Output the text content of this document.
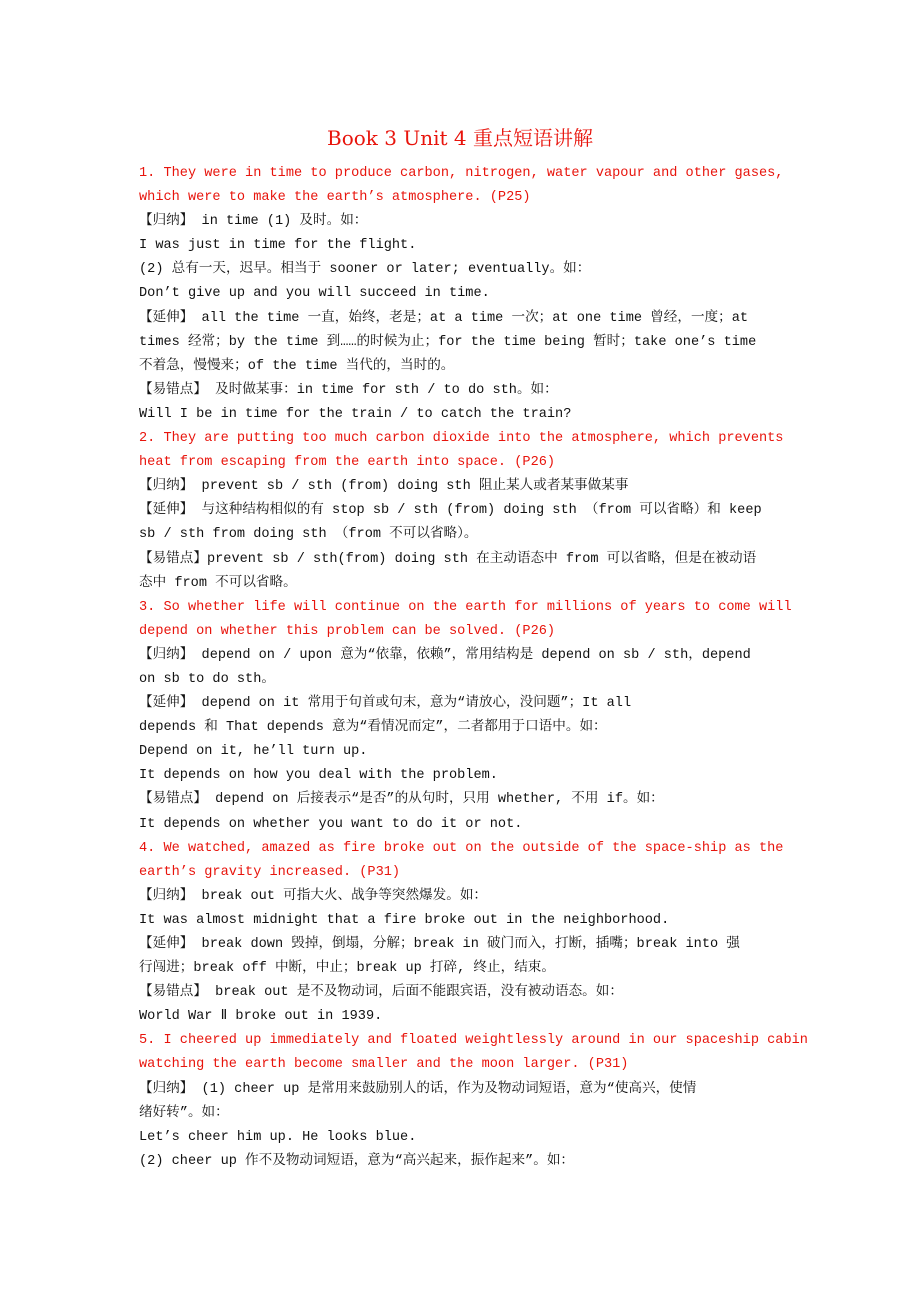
Book 3 Unit 4 重点短语讲解
1. They were in time to produce carbon, nitrogen, water vapour and other gases,
which were to make the earth’s atmosphere. (P25)
【归纳】 in time (1) 及时。如：
I was just in time for the flight.
(2) 总有一天，迟早。相当于 sooner or later; eventually。如：
Don’t give up and you will succeed in time.
【延伸】 all the time 一直，始终，老是；at a time 一次；at one time 曾经，一度；at
times 经常；by the time 到……的时候为止；for the time being 暂时；take one’s time
不着急，慢慢来；of the time 当代的，当时的。
【易错点】 及时做某事：in time for sth / to do sth。如：
Will I be in time for the train / to catch the train?
2. They are putting too much carbon dioxide into the atmosphere, which prevents
heat from escaping from the earth into space. (P26)
【归纳】 prevent sb / sth (from) doing sth 阻止某人或者某事做某事
【延伸】 与这种结构相似的有 stop sb / sth (from) doing sth （from 可以省略）和 keep
sb / sth from doing sth （from 不可以省略）。
【易错点】prevent sb / sth(from) doing sth 在主动语态中 from 可以省略，但是在被动语
态中 from 不可以省略。
3. So whether life will continue on the earth for millions of years to come will
depend on whether this problem can be solved. (P26)
【归纳】 depend on / upon 意为“依靠，依赖”，常用结构是 depend on sb / sth，depend
on sb to do sth。
【延伸】 depend on it 常用于句首或句末，意为“请放心，没问题”；It all
depends 和 That depends 意为“看情况而定”，二者都用于口语中。如：
Depend on it, he’ll turn up.
It depends on how you deal with the problem.
【易错点】 depend on 后接表示“是否”的从句时，只用 whether, 不用 if。如：
It depends on whether you want to do it or not.
4. We watched, amazed as fire broke out on the outside of the space-ship as the
earth’s gravity increased. (P31)
【归纳】 break out 可指大火、战争等突然爆发。如：
It was almost midnight that a fire broke out in the neighborhood.
【延伸】 break down 毁掉，倒塌，分解；break in 破门而入，打断，插嘴；break into 强
行闯进；break off 中断，中止；break up 打碎, 终止，结束。
【易错点】 break out 是不及物动词，后面不能跟宾语，没有被动语态。如：
World War Ⅱ broke out in 1939.
5. I cheered up immediately and floated weightlessly around in our spaceship cabin
watching the earth become smaller and the moon larger. (P31)
【归纳】 (1) cheer up 是常用来鼓励别人的话，作为及物动词短语，意为“使高兴，使情
绪好转”。如：
Let’s cheer him up. He looks blue.
(2) cheer up 作不及物动词短语，意为“高兴起来，振作起来”。如：
